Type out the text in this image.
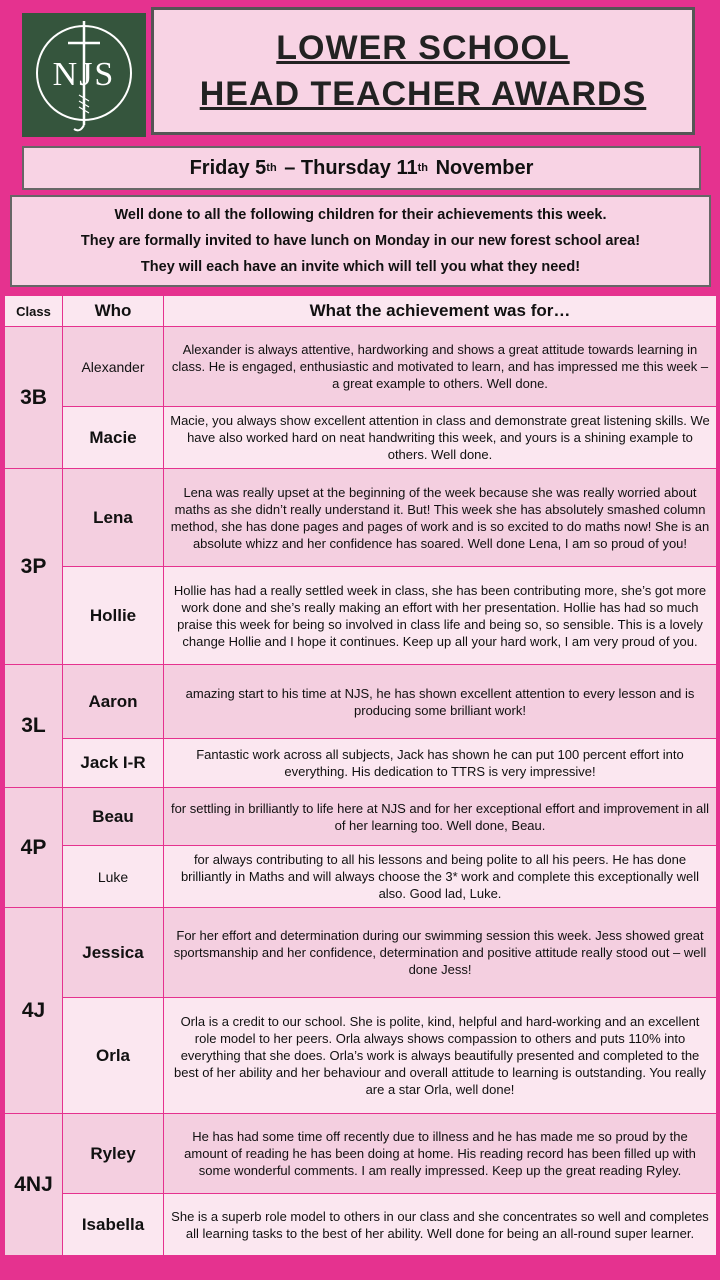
NJS
LOWER SCHOOL
HEAD TEACHER AWARDS
Friday 5 th – Thursday 11 th November
Well done to all the following children for their achievements this week.
They are formally invited to have lunch on Monday in our new forest school area!
They will each have an invite which will tell you what they need!
Class	Who	What the achievement was for…
3B	Alexander	Alexander is always attentive, hardworking and shows a great attitude towards learning in class. He is engaged, enthusiastic and motivated to learn, and has impressed me this week – a great example to others. Well done.
	Macie	Macie, you always show excellent attention in class and demonstrate great listening skills. We have also worked hard on neat handwriting this week, and yours is a shining example to others. Well done.
3P	Lena	Lena was really upset at the beginning of the week because she was really worried about maths as she didn’t really understand it. But! This week she has absolutely smashed column method, she has done pages and pages of work and is so excited to do maths now! She is an absolute whizz and her confidence has soared. Well done Lena, I am so proud of you!
	Hollie	Hollie has had a really settled week in class, she has been contributing more, she’s got more work done and she’s really making an effort with her presentation. Hollie has had so much praise this week for being so involved in class life and being so, so sensible. This is a lovely change Hollie and I hope it continues. Keep up all your hard work, I am very proud of you.
3L	Aaron	amazing start to his time at NJS, he has shown excellent attention to every lesson and is producing some brilliant work!
	Jack I-R	Fantastic work across all subjects, Jack has shown he can put 100 percent effort into everything. His dedication to TTRS is very impressive!
4P	Beau	for settling in brilliantly to life here at NJS and for her exceptional effort and improvement in all of her learning too. Well done, Beau.
	Luke	for always contributing to all his lessons and being polite to all his peers. He has done brilliantly in Maths and will always choose the 3* work and complete this exceptionally well also. Good lad, Luke.
4J	Jessica	For her effort and determination during our swimming session this week. Jess showed great sportsmanship and her confidence, determination and positive attitude really stood out – well done Jess!
	Orla	Orla is a credit to our school. She is polite, kind, helpful and hard-working and an excellent role model to her peers. Orla always shows compassion to others and puts 110% into everything that she does. Orla’s work is always beautifully presented and completed to the best of her ability and her behaviour and overall attitude to learning is outstanding. You really are a star Orla, well done!
4NJ	Ryley	He has had some time off recently due to illness and he has made me so proud by the amount of reading he has been doing at home. His reading record has been filled up with some wonderful comments. I am really impressed. Keep up the great reading Ryley.
	Isabella	She is a superb role model to others in our class and she concentrates so well and completes all learning tasks to the best of her ability. Well done for being an all-round super learner.
